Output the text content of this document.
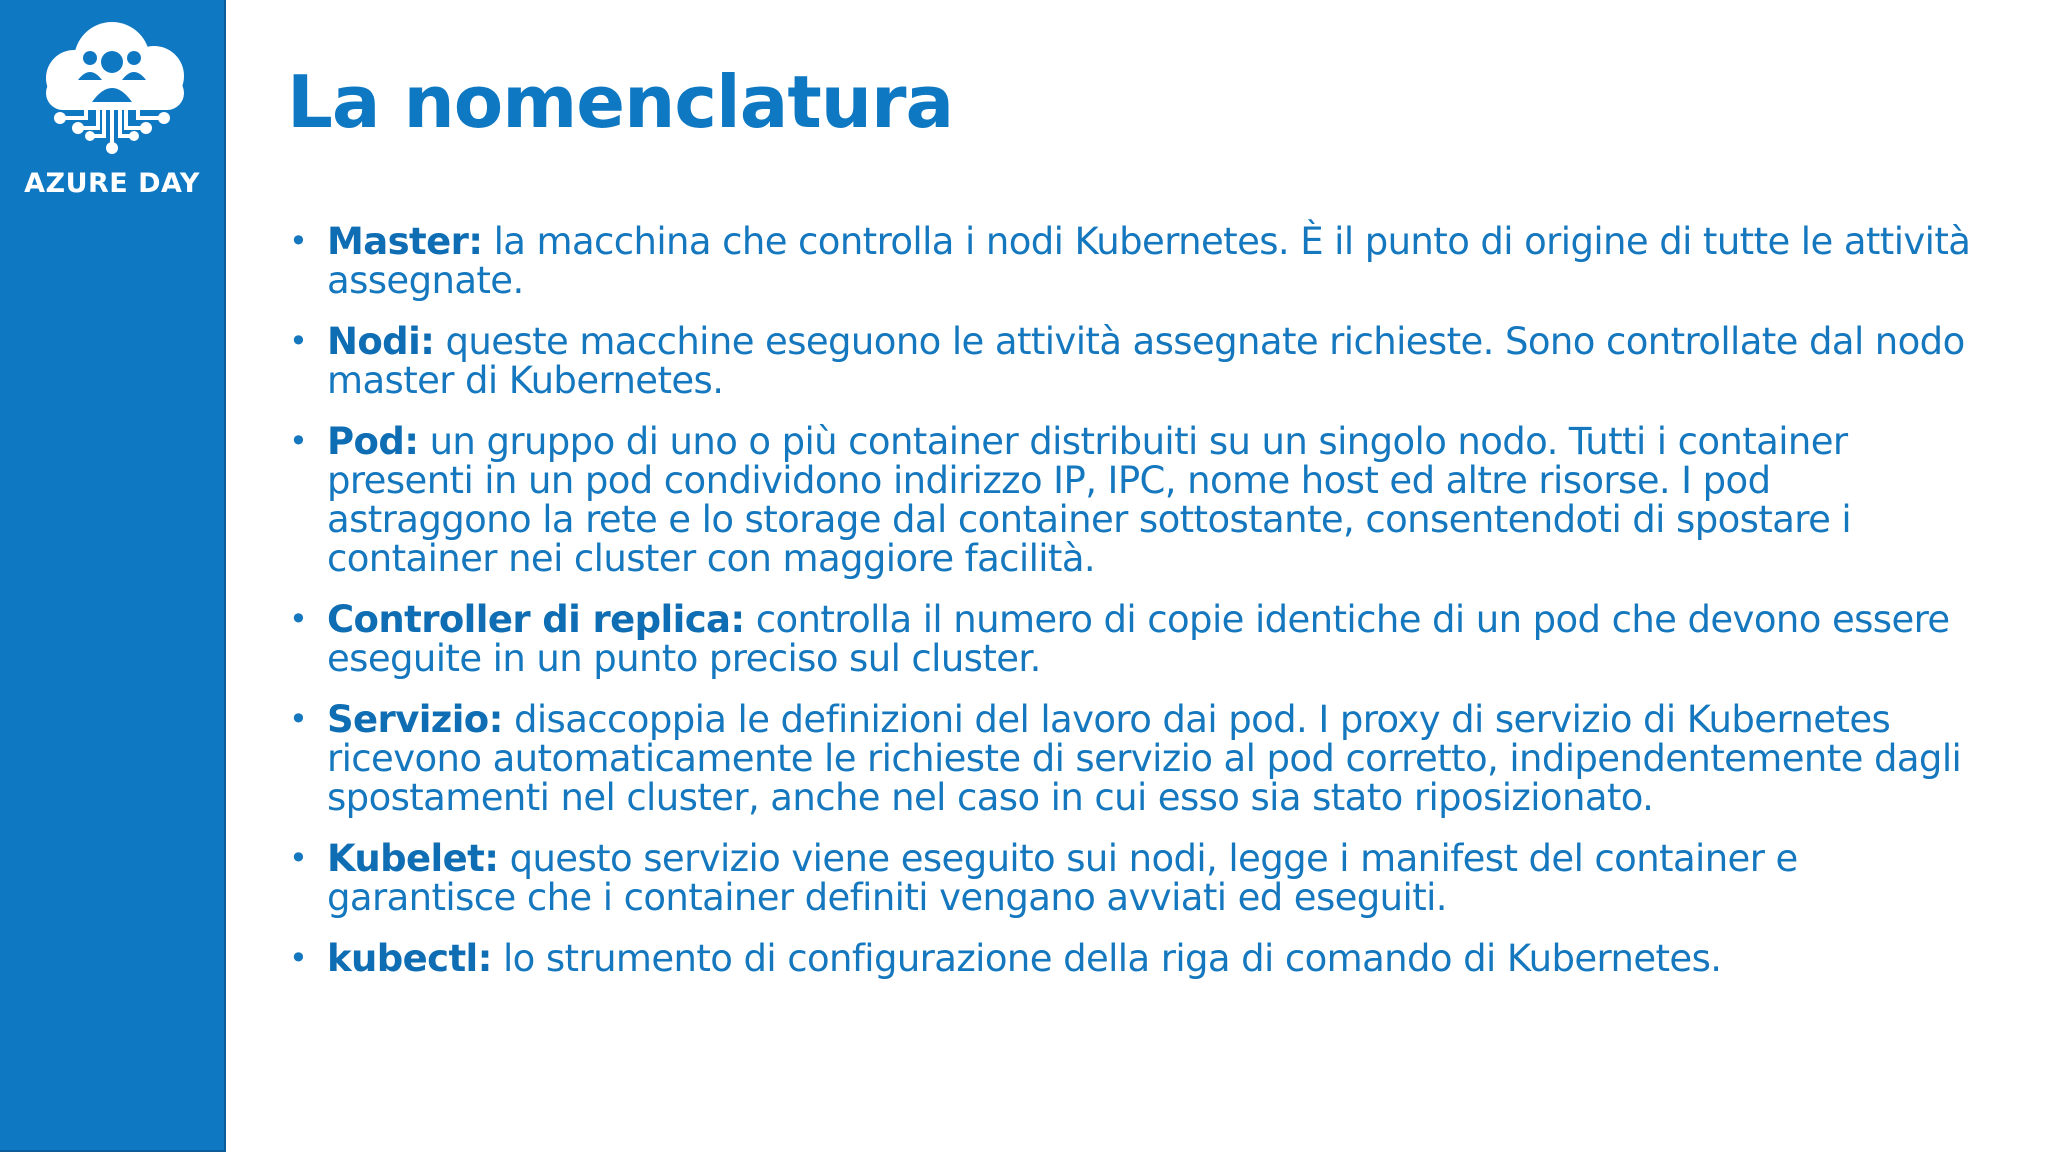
AZURE DAY
La nomenclatura
• Master: la macchina che controlla i nodi Kubernetes. È il punto di origine di tutte le attività assegnate.
• Nodi: queste macchine eseguono le attività assegnate richieste. Sono controllate dal nodo master di Kubernetes.
• Pod: un gruppo di uno o più container distribuiti su un singolo nodo. Tutti i container presenti in un pod condividono indirizzo IP, IPC, nome host ed altre risorse. I pod astraggono la rete e lo storage dal container sottostante, consentendoti di spostare i container nei cluster con maggiore facilità.
• Controller di replica: controlla il numero di copie identiche di un pod che devono essere eseguite in un punto preciso sul cluster.
• Servizio: disaccoppia le definizioni del lavoro dai pod. I proxy di servizio di Kubernetes ricevono automaticamente le richieste di servizio al pod corretto, indipendentemente dagli spostamenti nel cluster, anche nel caso in cui esso sia stato riposizionato.
• Kubelet: questo servizio viene eseguito sui nodi, legge i manifest del container e garantisce che i container definiti vengano avviati ed eseguiti.
• kubectl: lo strumento di configurazione della riga di comando di Kubernetes.
